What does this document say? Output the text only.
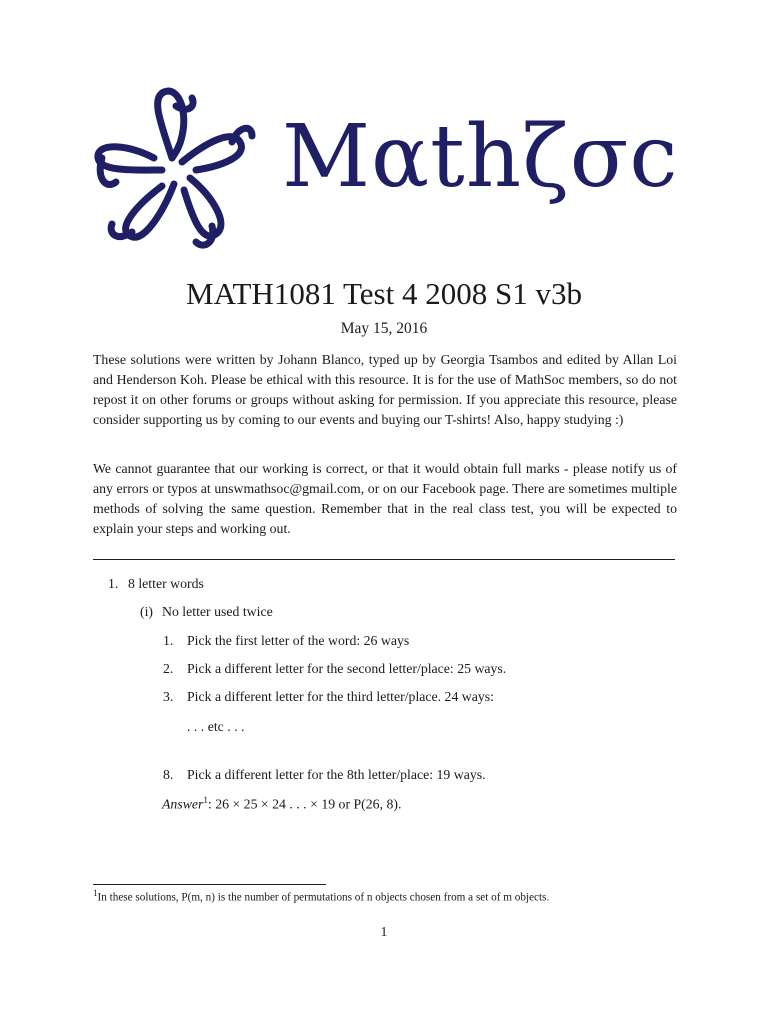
Mαthζσc
MATH1081 Test 4 2008 S1 v3b
May 15, 2016

These solutions were written by Johann Blanco, typed up by Georgia Tsambos and edited by Allan Loi and Henderson Koh. Please be ethical with this resource. It is for the use of MathSoc members, so do not repost it on other forums or groups without asking for permission. If you appreciate this resource, please consider supporting us by coming to our events and buying our T-shirts! Also, happy studying :)

We cannot guarantee that our working is correct, or that it would obtain full marks - please notify us of any errors or typos at unswmathsoc@gmail.com, or on our Facebook page. There are sometimes multiple methods of solving the same question. Remember that in the real class test, you will be expected to explain your steps and working out.

1. 8 letter words
(i) No letter used twice
1. Pick the first letter of the word: 26 ways
2. Pick a different letter for the second letter/place: 25 ways.
3. Pick a different letter for the third letter/place. 24 ways:
. . . etc . . .
8. Pick a different letter for the 8th letter/place: 19 ways.
Answer$^1$: 26 × 25 × 24 . . . × 19 or P(26, 8).
$^1$In these solutions, P(m, n) is the number of permutations of n objects chosen from a set of m objects.
1
